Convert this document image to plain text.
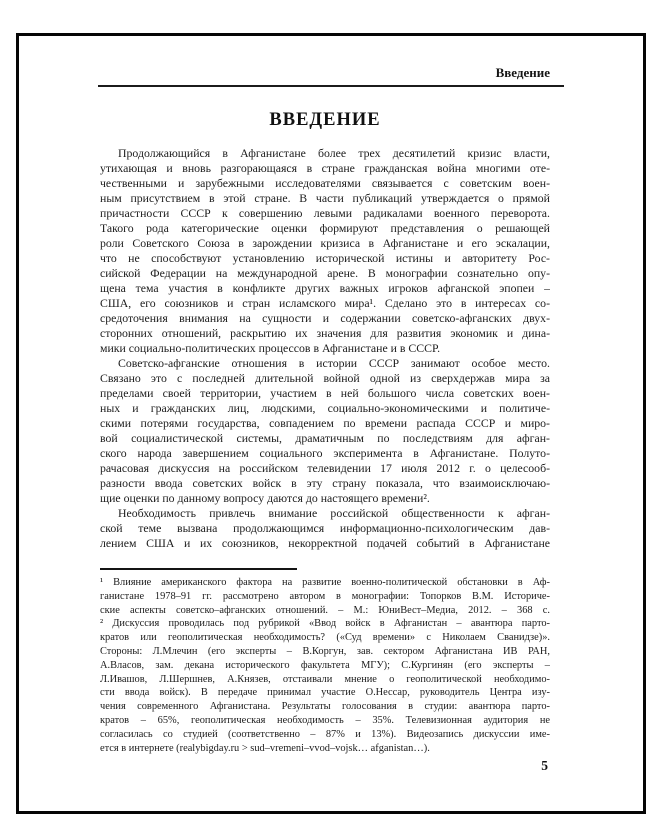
Введение
ВВЕДЕНИЕ
Продолжающийся в Афганистане более трех десятилетий кризис власти,
утихающая и вновь разгорающаяся в стране гражданская война многими оте-
чественными и зарубежными исследователями связывается с советским воен-
ным присутствием в этой стране. В части публикаций утверждается о прямой
причастности СССР к совершению левыми радикалами военного переворота.
Такого рода категорические оценки формируют представления о решающей
роли Советского Союза в зарождении кризиса в Афганистане и его эскалации,
что не способствуют установлению исторической истины и авторитету Рос-
сийской Федерации на международной арене. В монографии сознательно опу-
щена тема участия в конфликте других важных игроков афганской эпопеи –
США, его союзников и стран исламского мира¹. Сделано это в интересах со-
средоточения внимания на сущности и содержании советско-афганских двух-
сторонних отношений, раскрытию их значения для развития экономик и дина-
мики социально-политических процессов в Афганистане и в СССР.
Советско-афганские отношения в истории СССР занимают особое место.
Связано это с последней длительной войной одной из сверхдержав мира за
пределами своей территории, участием в ней большого числа советских воен-
ных и гражданских лиц, людскими, социально-экономическими и политиче-
скими потерями государства, совпадением по времени распада СССР и миро-
вой социалистической системы, драматичным по последствиям для афган-
ского народа завершением социального эксперимента в Афганистане. Полуто-
рачасовая дискуссия на российском телевидении 17 июля 2012 г. о целесооб-
разности ввода советских войск в эту страну показала, что взаимоисключаю-
щие оценки по данному вопросу даются до настоящего времени².
Необходимость привлечь внимание российской общественности к афган-
ской теме вызвана продолжающимся информационно-психологическим дав-
лением США и их союзников, некорректной подачей событий в Афганистане
¹ Влияние американского фактора на развитие военно-политической обстановки в Аф-
ганистане 1978–91 гг. рассмотрено автором в монографии: Топорков В.М. Историче-
ские аспекты советско–афганских отношений. – М.: ЮниВест–Медиа, 2012. – 368 с.
² Дискуссия проводилась под рубрикой «Ввод войск в Афганистан – авантюра парто-
кратов или геополитическая необходимость? («Суд времени» с Николаем Сванидзе)».
Стороны: Л.Млечин (его эксперты – В.Коргун, зав. сектором Афганистана ИВ РАН,
А.Власов, зам. декана исторического факультета МГУ); С.Кургинян (его эксперты –
Л.Ивашов, Л.Шершнев, А.Князев, отстаивали мнение о геополитической необходимо-
сти ввода войск). В передаче принимал участие О.Нессар, руководитель Центра изу-
чения современного Афганистана. Результаты голосования в студии: авантюра парто-
кратов – 65%, геополитическая необходимость – 35%. Телевизионная аудитория не
согласилась со студией (соответственно – 87% и 13%). Видеозапись дискуссии име-
ется в интернете (realybigday.ru > sud–vremeni–vvod–vojsk… afganistan…).
5
